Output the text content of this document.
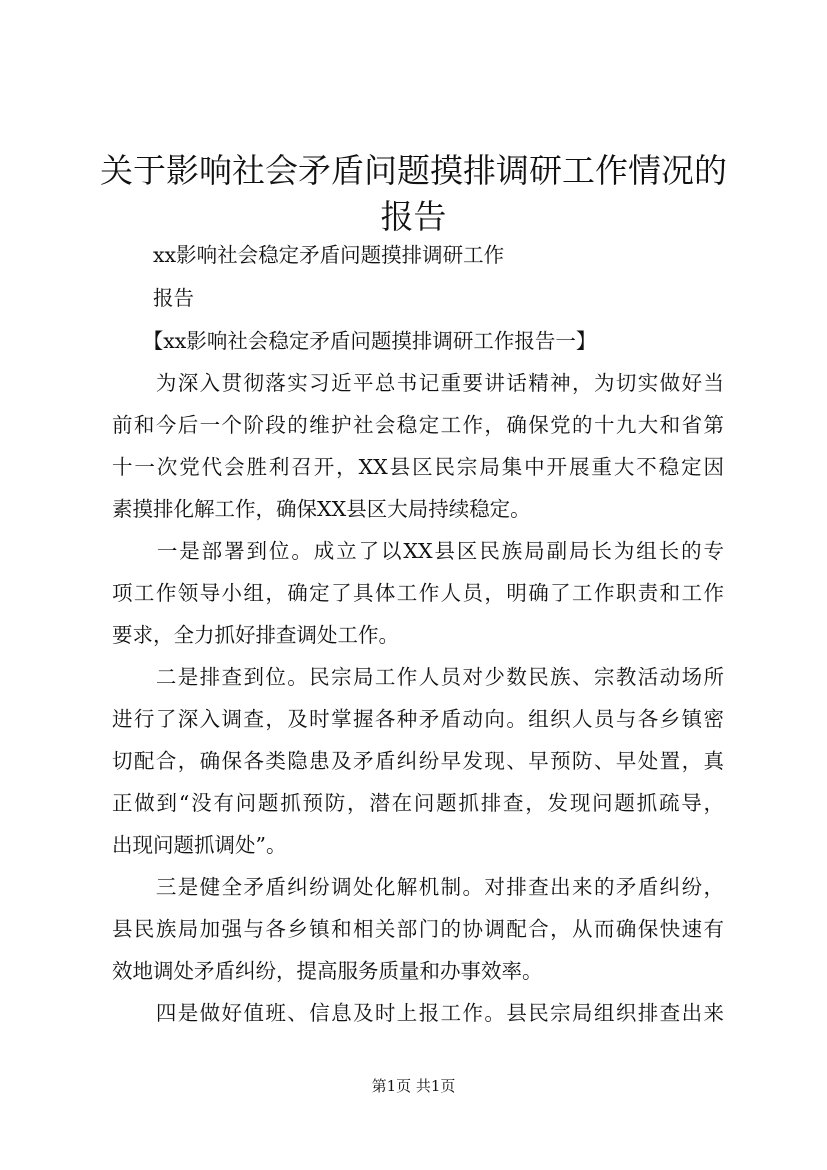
关于影响社会矛盾问题摸排调研工作情况的报告

　　xx影响社会稳定矛盾问题摸排调研工作

　　报告

　　【xx影响社会稳定矛盾问题摸排调研工作报告一】

　　为深入贯彻落实习近平总书记重要讲话精神，为切实做好当

前和今后一个阶段的维护社会稳定工作，确保党的十九大和省第

十一次党代会胜利召开，XX县区民宗局集中开展重大不稳定因

素摸排化解工作，确保XX县区大局持续稳定。

　　一是部署到位。成立了以XX县区民族局副局长为组长的专

项工作领导小组，确定了具体工作人员，明确了工作职责和工作

要求，全力抓好排查调处工作。

　　二是排查到位。民宗局工作人员对少数民族、宗教活动场所

进行了深入调查，及时掌握各种矛盾动向。组织人员与各乡镇密

切配合，确保各类隐患及矛盾纠纷早发现、早预防、早处置，真

正做到“没有问题抓预防，潜在问题抓排查，发现问题抓疏导，

出现问题抓调处”。

　　三是健全矛盾纠纷调处化解机制。对排查出来的矛盾纠纷，

县民族局加强与各乡镇和相关部门的协调配合，从而确保快速有

效地调处矛盾纠纷，提高服务质量和办事效率。

　　四是做好值班、信息及时上报工作。县民宗局组织排查出来

第1页 共1页
